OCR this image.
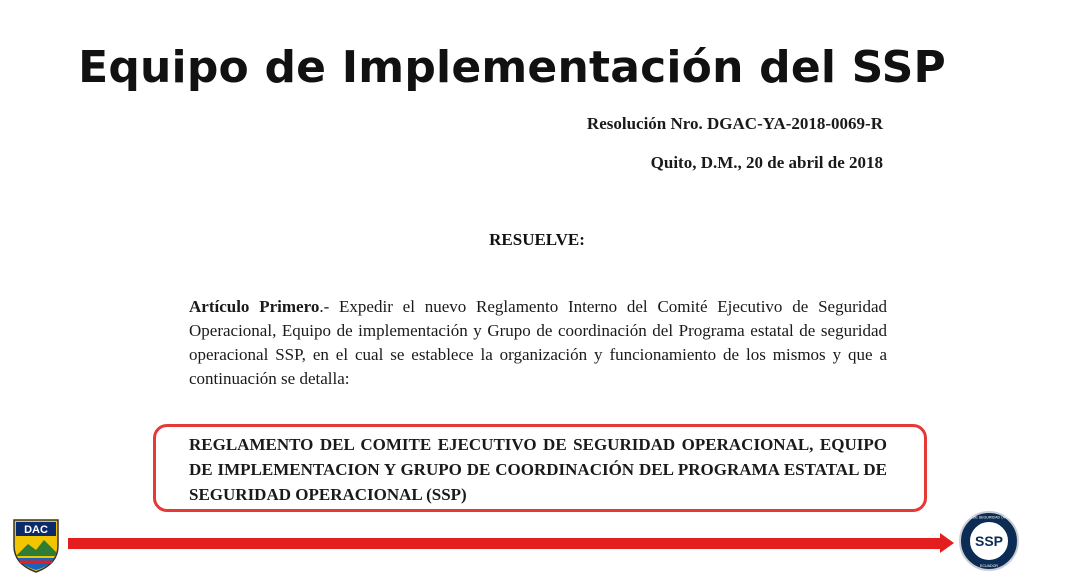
Equipo de Implementación del SSP
Resolución Nro. DGAC-YA-2018-0069-R
Quito, D.M., 20 de abril de 2018
RESUELVE:
Artículo Primero.- Expedir el nuevo Reglamento Interno del Comité Ejecutivo de Seguridad Operacional, Equipo de implementación y Grupo de coordinación del Programa estatal de seguridad operacional SSP, en el cual se establece la organización y funcionamiento de los mismos y que a continuación se detalla:
REGLAMENTO DEL COMITE EJECUTIVO DE SEGURIDAD OPERACIONAL, EQUIPO DE IMPLEMENTACION Y GRUPO DE COORDINACIÓN DEL PROGRAMA ESTATAL DE SEGURIDAD OPERACIONAL (SSP)
DAC
SSP
PROGRAMA DE SEGURIDAD OPERACIONAL
ECUADOR
